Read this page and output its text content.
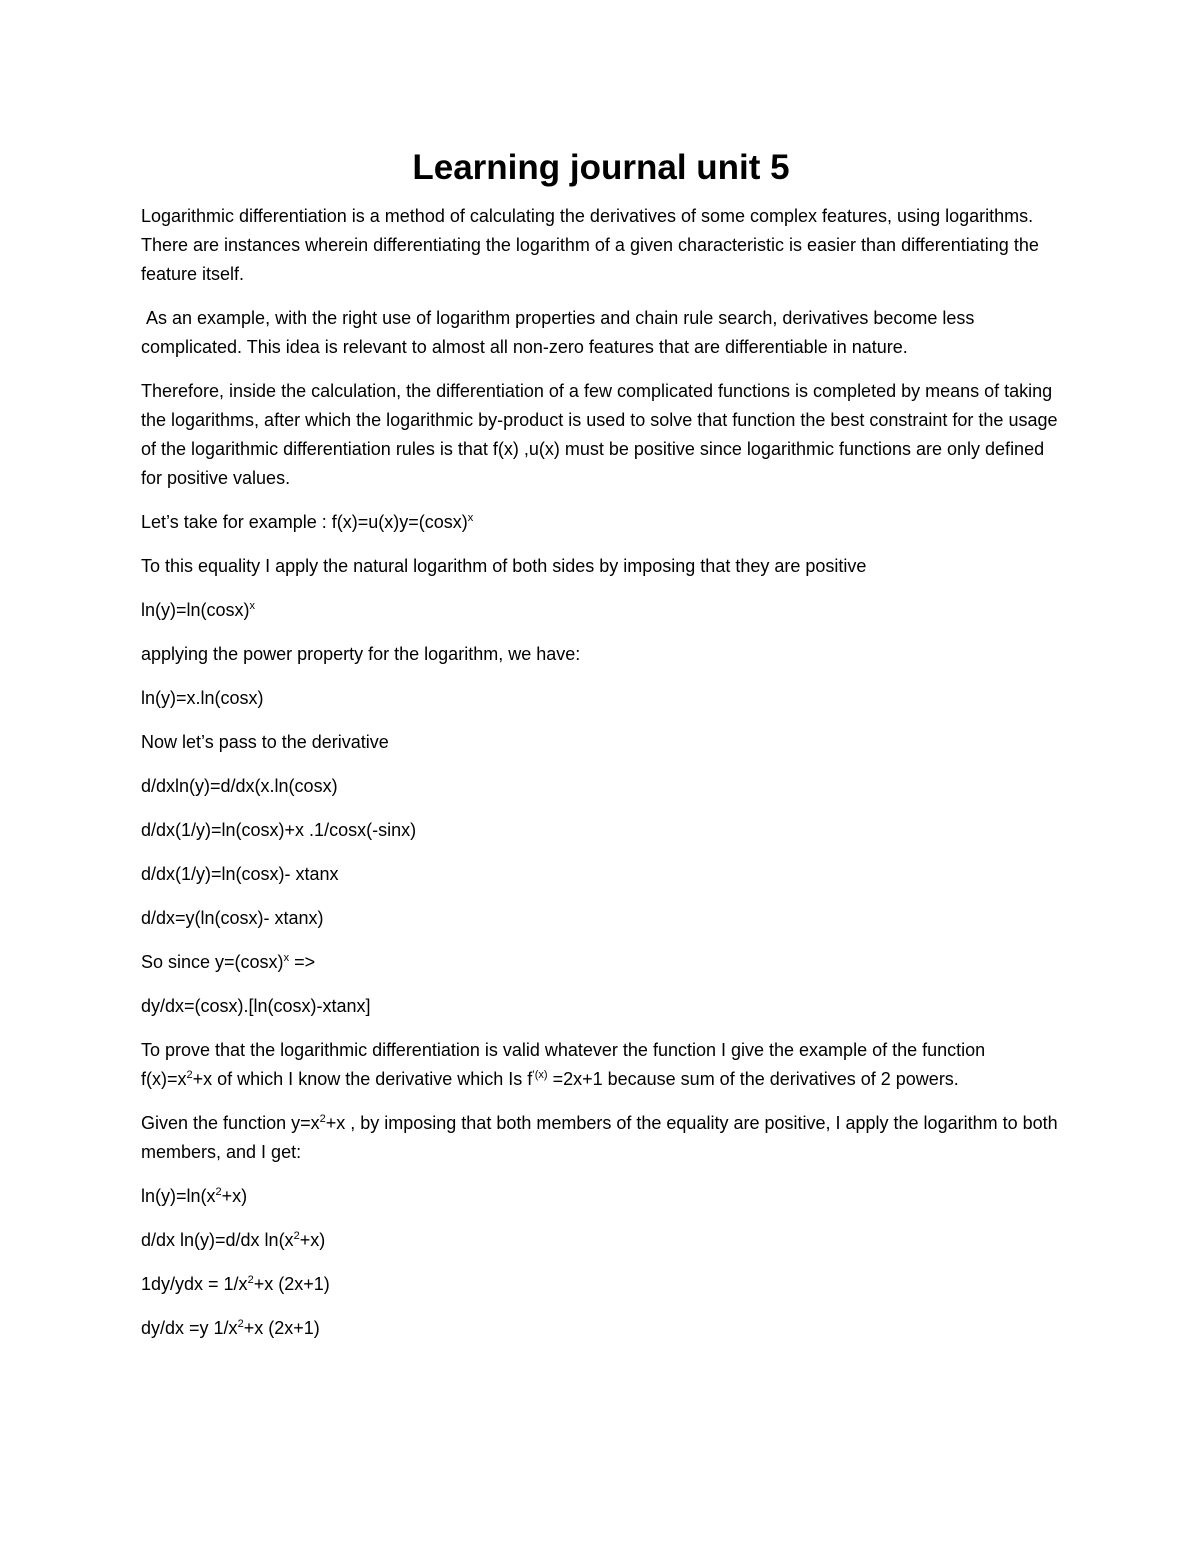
Learning journal unit 5

Logarithmic differentiation is a method of calculating the derivatives of some complex features, using logarithms. There are instances wherein differentiating the logarithm of a given characteristic is easier than differentiating the feature itself.

As an example, with the right use of logarithm properties and chain rule search, derivatives become less complicated. This idea is relevant to almost all non-zero features that are differentiable in nature.

Therefore, inside the calculation, the differentiation of a few complicated functions is completed by means of taking the logarithms, after which the logarithmic by-product is used to solve that function the best constraint for the usage of the logarithmic differentiation rules is that f(x) ,u(x) must be positive since logarithmic functions are only defined for positive values.

Let’s take for example : $f(x)=u(x)y=(\cos x)^x$

To this equality I apply the natural logarithm of both sides by imposing that they are positive

$\ln(y)=\ln(\cos x)^x$

applying the power property for the logarithm, we have:

ln(y)=x.ln(cosx)

Now let’s pass to the derivative

d/dxln(y)=d/dx(x.ln(cosx)

d/dx(1/y)=ln(cosx)+x .1/cosx(-sinx)

d/dx(1/y)=ln(cosx)- xtanx

d/dx=y(ln(cosx)- xtanx)

So since $y=(\cos x)^x$ =>

dy/dx=(cosx).[ln(cosx)-xtanx]

To prove that the logarithmic differentiation is valid whatever the function I give the example of the function $f(x)=x^2+x$ of which I know the derivative which Is $f^{’(x)} =2x+1$ because sum of the derivatives of 2 powers.

Given the function $y=x^2+x$ , by imposing that both members of the equality are positive, I apply the logarithm to both members, and I get:

$\ln(y)=\ln(x^2+x)$

d/dx ln(y)=d/dx $\ln(x^2+x)$

$1dy/ydx = 1/x^2+x$ (2x+1)

dy/dx =y $1/x^2+x$ (2x+1)
